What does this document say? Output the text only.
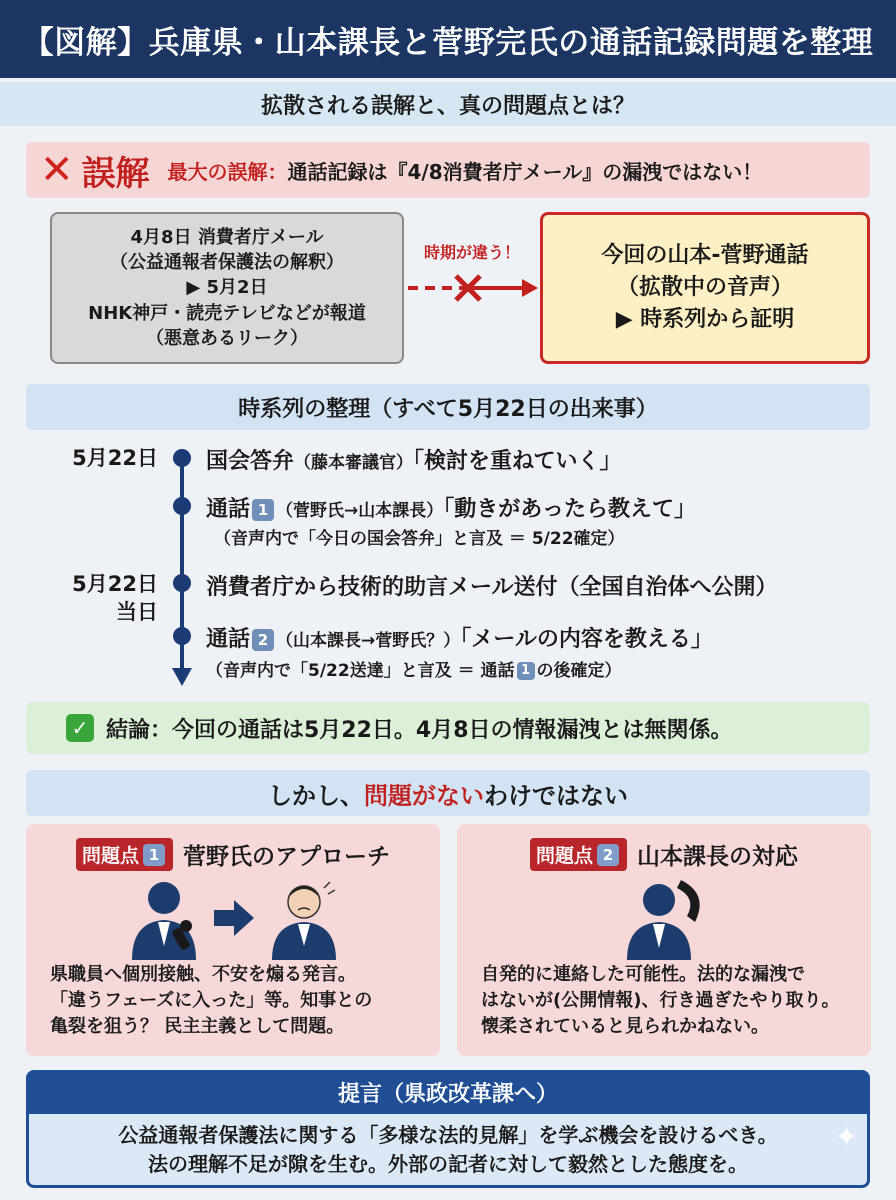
【図解】兵庫県・山本課長と菅野完氏の通話記録問題を整理
拡散される誤解と、真の問題点とは？
✕ 誤解 最大の誤解： 通話記録は『4/8消費者庁メール』の漏洩ではない！
4月8日 消費者庁メール
（公益通報者保護法の解釈）
▶ 5月2日
NHK神戸・読売テレビなどが報道
（悪意あるリーク）
時期が違う！	今回の山本-菅野通話
（拡散中の音声）
▶ 時系列から証明
時系列の整理（すべて5月22日の出来事）
5月22日
5月22日
当日
国会答弁（藤本審議官）「検討を重ねていく」
通話 1 （菅野氏→山本課長）「動きがあったら教えて」
（音声内で「今日の国会答弁」と言及 ＝ 5/22確定）
消費者庁から技術的助言メール送付（全国自治体へ公開）
通話 2 （山本課長→菅野氏？）「メールの内容を教える」
（音声内で「5/22送達」と言及 ＝ 通話 1 の後確定）
✓ 結論：今回の通話は5月22日。4月8日の情報漏洩とは無関係。
しかし、 問題がない わけではない
問題点 1 菅野氏のアプローチ
県職員へ個別接触、不安を煽る発言。
「違うフェーズに入った」等。知事との
亀裂を狙う？ 民主主義として問題。
問題点 2 山本課長の対応
自発的に連絡した可能性。法的な漏洩で
はないが(公開情報)、行き過ぎたやり取り。
懐柔されていると見られかねない。
提言（県政改革課へ）
公益通報者保護法に関する「多様な法的見解」を学ぶ機会を設けるべき。
法の理解不足が隙を生む。外部の記者に対して毅然とした態度を。
✦
